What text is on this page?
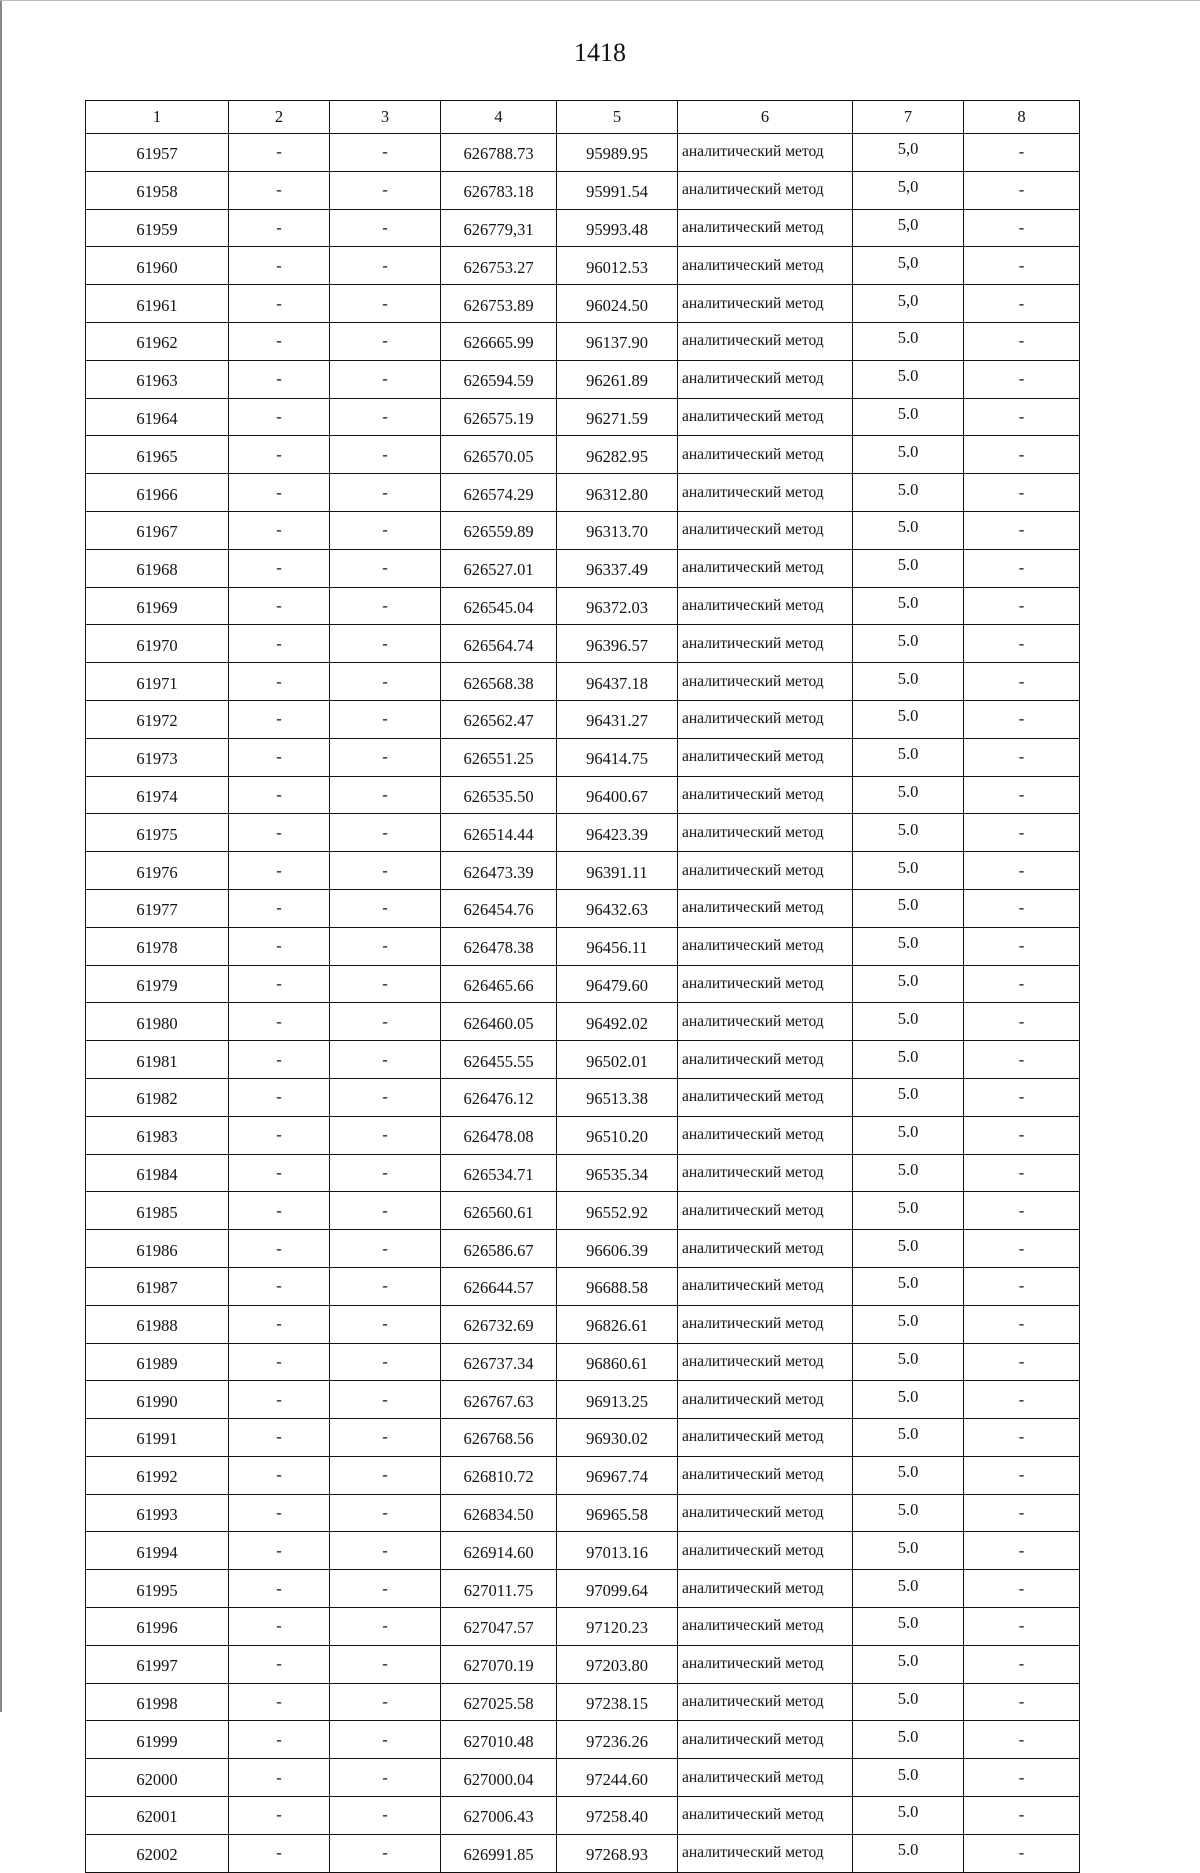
1418
1	2	3	4	5	6	7	8
61957	-	-	626788.73	95989.95	аналитический метод	5,0	-
61958	-	-	626783.18	95991.54	аналитический метод	5,0	-
61959	-	-	626779,31	95993.48	аналитический метод	5,0	-
61960	-	-	626753.27	96012.53	аналитический метод	5,0	-
61961	-	-	626753.89	96024.50	аналитический метод	5,0	-
61962	-	-	626665.99	96137.90	аналитический метод	5.0	-
61963	-	-	626594.59	96261.89	аналитический метод	5.0	-
61964	-	-	626575.19	96271.59	аналитический метод	5.0	-
61965	-	-	626570.05	96282.95	аналитический метод	5.0	-
61966	-	-	626574.29	96312.80	аналитический метод	5.0	-
61967	-	-	626559.89	96313.70	аналитический метод	5.0	-
61968	-	-	626527.01	96337.49	аналитический метод	5.0	-
61969	-	-	626545.04	96372.03	аналитический метод	5.0	-
61970	-	-	626564.74	96396.57	аналитический метод	5.0	-
61971	-	-	626568.38	96437.18	аналитический метод	5.0	-
61972	-	-	626562.47	96431.27	аналитический метод	5.0	-
61973	-	-	626551.25	96414.75	аналитический метод	5.0	-
61974	-	-	626535.50	96400.67	аналитический метод	5.0	-
61975	-	-	626514.44	96423.39	аналитический метод	5.0	-
61976	-	-	626473.39	96391.11	аналитический метод	5.0	-
61977	-	-	626454.76	96432.63	аналитический метод	5.0	-
61978	-	-	626478.38	96456.11	аналитический метод	5.0	-
61979	-	-	626465.66	96479.60	аналитический метод	5.0	-
61980	-	-	626460.05	96492.02	аналитический метод	5.0	-
61981	-	-	626455.55	96502.01	аналитический метод	5.0	-
61982	-	-	626476.12	96513.38	аналитический метод	5.0	-
61983	-	-	626478.08	96510.20	аналитический метод	5.0	-
61984	-	-	626534.71	96535.34	аналитический метод	5.0	-
61985	-	-	626560.61	96552.92	аналитический метод	5.0	-
61986	-	-	626586.67	96606.39	аналитический метод	5.0	-
61987	-	-	626644.57	96688.58	аналитический метод	5.0	-
61988	-	-	626732.69	96826.61	аналитический метод	5.0	-
61989	-	-	626737.34	96860.61	аналитический метод	5.0	-
61990	-	-	626767.63	96913.25	аналитический метод	5.0	-
61991	-	-	626768.56	96930.02	аналитический метод	5.0	-
61992	-	-	626810.72	96967.74	аналитический метод	5.0	-
61993	-	-	626834.50	96965.58	аналитический метод	5.0	-
61994	-	-	626914.60	97013.16	аналитический метод	5.0	-
61995	-	-	627011.75	97099.64	аналитический метод	5.0	-
61996	-	-	627047.57	97120.23	аналитический метод	5.0	-
61997	-	-	627070.19	97203.80	аналитический метод	5.0	-
61998	-	-	627025.58	97238.15	аналитический метод	5.0	-
61999	-	-	627010.48	97236.26	аналитический метод	5.0	-
62000	-	-	627000.04	97244.60	аналитический метод	5.0	-
62001	-	-	627006.43	97258.40	аналитический метод	5.0	-
62002	-	-	626991.85	97268.93	аналитический метод	5.0	-
